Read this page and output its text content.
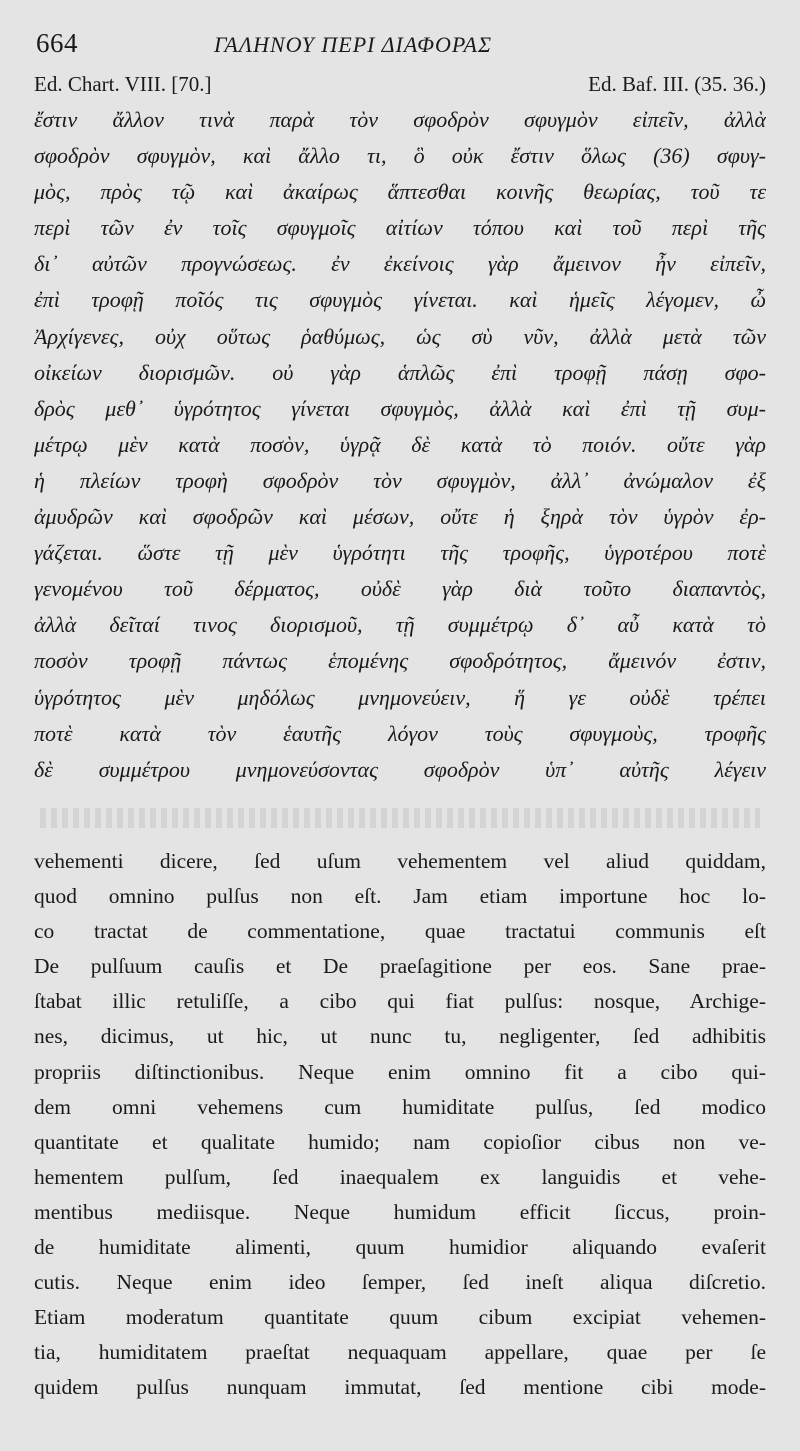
664	ΓΑΛΗΝΟΥ ΠΕΡΙ ΔΙΑΦΟΡΑΣ
Ed. Chart. VIII. [70.]	Ed. Baf. III. (35. 36.)
ἔστιν ἄλλον τινὰ παρὰ τὸν σφοδρὸν σφυγμὸν εἰπεῖν, ἀλλὰ
σφοδρὸν σφυγμὸν, καὶ ἄλλο τι, ὃ οὐκ ἔστιν ὅλως (36) σφυγ-
μὸς, πρὸς τῷ καὶ ἀκαίρως ἅπτεσθαι κοινῆς θεωρίας, τοῦ τε
περὶ τῶν ἐν τοῖς σφυγμοῖς αἰτίων τόπου καὶ τοῦ περὶ τῆς
δι᾽ αὐτῶν προγνώσεως. ἐν ἐκείνοις γὰρ ἄμεινον ἦν εἰπεῖν,
ἐπὶ τροφῇ ποῖός τις σφυγμὸς γίνεται. καὶ ἡμεῖς λέγομεν, ὦ
Ἀρχίγενες, οὐχ οὕτως ῥαθύμως, ὡς σὺ νῦν, ἀλλὰ μετὰ τῶν
οἰκείων διορισμῶν. οὐ γὰρ ἁπλῶς ἐπὶ τροφῇ πάσῃ σφο-
δρὸς μεθ᾽ ὑγρότητος γίνεται σφυγμὸς, ἀλλὰ καὶ ἐπὶ τῇ συμ-
μέτρῳ μὲν κατὰ ποσὸν, ὑγρᾷ δὲ κατὰ τὸ ποιόν. οὔτε γὰρ
ἡ πλείων τροφὴ σφοδρὸν τὸν σφυγμὸν, ἀλλ᾽ ἀνώμαλον ἐξ
ἀμυδρῶν καὶ σφοδρῶν καὶ μέσων, οὔτε ἡ ξηρὰ τὸν ὑγρὸν ἐρ-
γάζεται. ὥστε τῇ μὲν ὑγρότητι τῆς τροφῆς, ὑγροτέρου ποτὲ
γενομένου τοῦ δέρματος, οὐδὲ γὰρ διὰ τοῦτο διαπαντὸς,
ἀλλὰ δεῖταί τινος διορισμοῦ, τῇ συμμέτρῳ δ᾽ αὖ κατὰ τὸ
ποσὸν τροφῇ πάντως ἑπομένης σφοδρότητος, ἄμεινόν ἐστιν,
ὑγρότητος μὲν μηδόλως μνημονεύειν, ἥ γε οὐδὲ τρέπει
ποτὲ κατὰ τὸν ἑαυτῆς λόγον τοὺς σφυγμοὺς, τροφῆς
δὲ συμμέτρου μνημονεύσοντας σφοδρὸν ὑπ᾽ αὐτῆς λέγειν
vehementi dicere, ſed uſum vehementem vel aliud quiddam,
quod omnino pulſus non eſt. Jam etiam importune hoc lo-
co tractat de commentatione, quae tractatui communis eſt
De pulſuum cauſis et De praeſagitione per eos. Sane prae-
ſtabat illic retuliſſe, a cibo qui fiat pulſus: nosque, Archige-
nes, dicimus, ut hic, ut nunc tu, negligenter, ſed adhibitis
propriis diſtinctionibus. Neque enim omnino fit a cibo qui-
dem omni vehemens cum humiditate pulſus, ſed modico
quantitate et qualitate humido; nam copioſior cibus non ve-
hementem pulſum, ſed inaequalem ex languidis et vehe-
mentibus mediisque. Neque humidum efficit ſiccus, proin-
de humiditate alimenti, quum humidior aliquando evaſerit
cutis. Neque enim ideo ſemper, ſed ineſt aliqua diſcretio.
Etiam moderatum quantitate quum cibum excipiat vehemen-
tia, humiditatem praeſtat nequaquam appellare, quae per ſe
quidem pulſus nunquam immutat, ſed mentione cibi mode-
